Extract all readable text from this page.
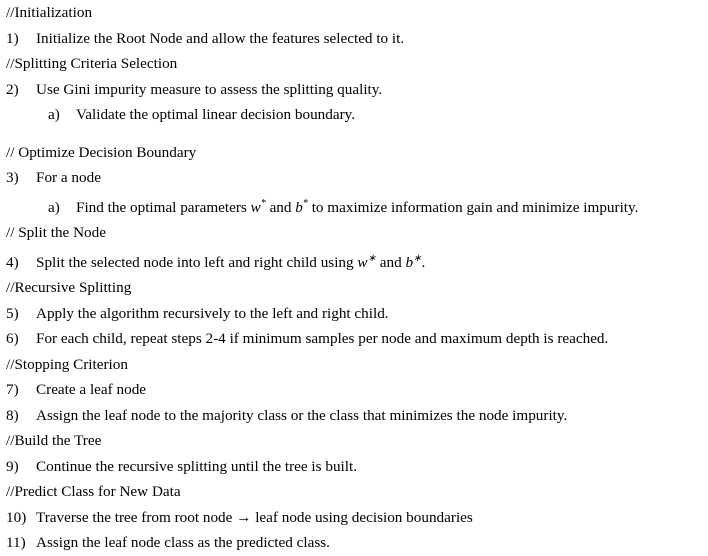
//Initialization
1)	Initialize the Root Node and allow the features selected to it.
//Splitting Criteria Selection
2)	Use Gini impurity measure to assess the splitting quality.
a)	Validate the optimal linear decision boundary.
// Optimize Decision Boundary
3)	For a node
a)	Find the optimal parameters w* and b* to maximize information gain and minimize impurity.
// Split the Node
4)	Split the selected node into left and right child using w∗ and b∗.
//Recursive Splitting
5)	Apply the algorithm recursively to the left and right child.
6)	For each child, repeat steps 2-4 if minimum samples per node and maximum depth is reached.
//Stopping Criterion
7)	Create a leaf node
8)	Assign the leaf node to the majority class or the class that minimizes the node impurity.
//Build the Tree
9)	Continue the recursive splitting until the tree is built.
//Predict Class for New Data
10) Traverse the tree from root node → leaf node using decision boundaries
11) Assign the leaf node class as the predicted class.
